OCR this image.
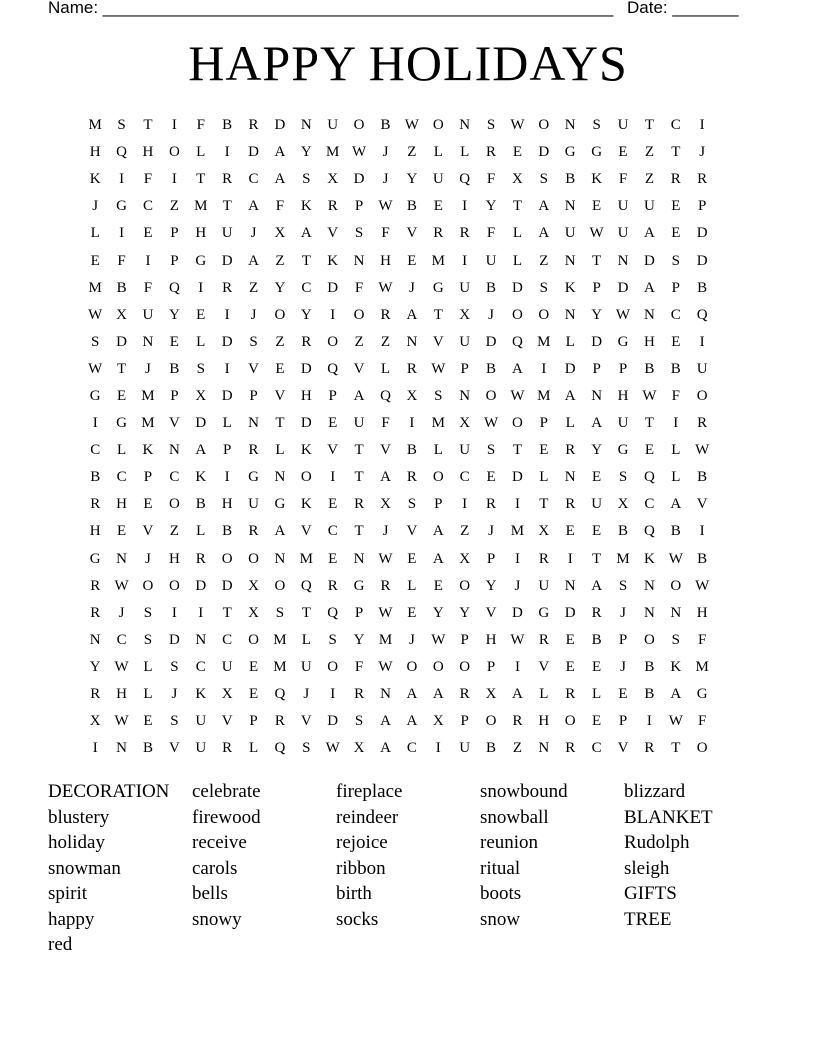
Name: ______________________________________________________ Date: _______
HAPPY HOLIDAYS
M	S	T	I	F	B	R	D	N	U	O	B W O	N	S	W O	N	S	U	T	C	I
H	Q	H	O	L	I	D	A	Y M W	J	Z	L	L	R	E	D	G	G	E	Z	T	J
K	I	F	I	T	R	C	A	S	X	D	J	Y	U	Q	F	X	S	B	K	F	Z	R	R
J	G	C	Z	M	T	A	F	K	R	P	W B	E	I	Y	T	A	N	E	U	U	E	P
L	I	E	P	H	U	J	X	A	V	S	F	V	R	R	F	L	A	U W U	A	E	D
E	F	I	P	G	D	A	Z	T	K	N	H	E	M	I	U	L	Z	N	T	N	D	S	D
M B	F	Q	I	R	Z	Y	C	D	F	W	J	G	U	B	D	S	K	P	D	A	P	B
W X	U	Y	E	I	J	O	Y	I	O	R	A	T	X	J	O	O	N	Y W N	C	Q
S	D	N	E	L	D	S	Z	R	O	Z	Z	N	V	U	D	Q M	L	D	G	H	E	I
W T	J	B	S	I	V	E	D	Q	V	L	R W	P	B	A	I	D	P	P	B	B	U
G	E	M	P	X	D	P	V	H	P	A	Q	X	S	N	O W M A	N	H W	F	O
I	G M V	D	L	N	T	D	E	U	F	I	M X W O	P	L	A	U	T	I	R
C	L	K	N	A	P	R	L	K	V	T	V	B	L	U	S	T	E	R	Y	G	E	L W
B	C	P	C	K	I	G	N	O	I	T	A	R	O	C	E	D	L	N	E	S	Q	L	B
R	H	E	O	B	H	U	G	K	E	R	X	S	P	I	R	I	T	R	U	X	C	A	V
H	E	V	Z	L	B	R	A	V	C	T	J	V	A	Z	J	M X	E	E	B	Q	B	I
G	N	J	H	R	O	O	N M	E	N W E	A	X	P	I	R	I	T	M K W B
R W O	O	D	D	X	O	Q	R	G	R	L	E	O	Y	J	U	N	A	S	N	O W
R	J	S	I	I	T	X	S	T	Q	P	W E	Y	Y	V	D	G	D	R	J	N	N	H
N	C	S	D	N	C	O M	L	S	Y M	J	W	P	H W R	E	B	P	O	S	F
Y W L	S	C	U	E	M U	O	F	W O	O	O	P	I	V	E	E	J	B	K M
R	H	L	J	K	X	E	Q	J	I	R	N	A	A	R	X	A	L	R	L	E	B	A	G
X W E	S	U	V	P	R	V	D	S	A	A	X	P	O	R	H	O	E	P	I	W	F
I	N	B	V	U	R	L	Q	S	W X	A	C	I	U	B	Z	N	R	C	V	R	T	O
DECORATION	celebrate	fireplace	snowbound	blizzard
blustery	firewood	reindeer	snowball	BLANKET
holiday	receive	rejoice	reunion	Rudolph
snowman	carols	ribbon	ritual	sleigh
spirit	bells	birth	boots	GIFTS
happy	snowy	socks	snow	TREE
red
